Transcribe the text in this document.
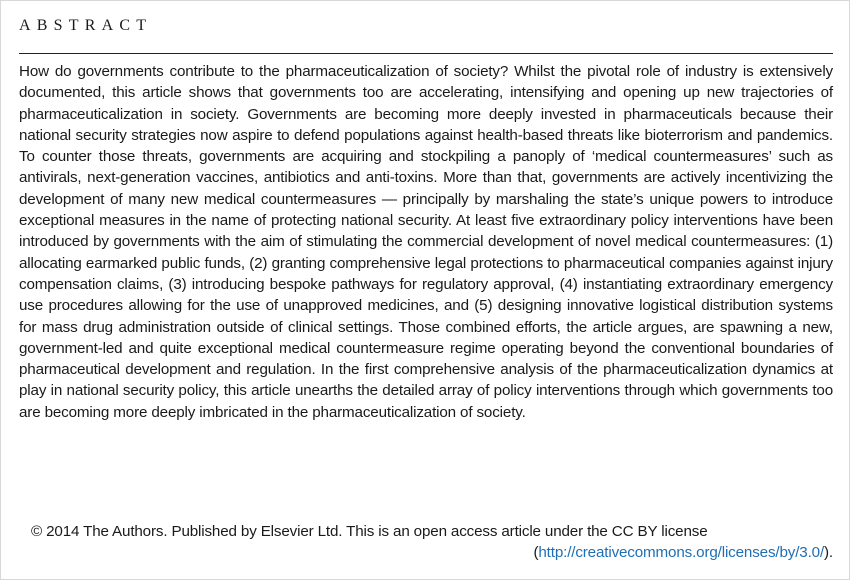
ABSTRACT

How do governments contribute to the pharmaceuticalization of society? Whilst the pivotal role of industry is extensively documented, this article shows that governments too are accelerating, intensifying and opening up new trajectories of pharmaceuticalization in society. Governments are becoming more deeply invested in pharmaceuticals because their national security strategies now aspire to defend populations against health-based threats like bioterrorism and pandemics. To counter those threats, governments are acquiring and stockpiling a panoply of ‘medical countermeasures’ such as antivirals, next-generation vaccines, antibiotics and anti-toxins. More than that, governments are actively incentivizing the development of many new medical countermeasures — principally by marshaling the state’s unique powers to introduce exceptional measures in the name of protecting national security. At least five extraordinary policy interventions have been introduced by governments with the aim of stimulating the commercial development of novel medical countermeasures: (1) allocating earmarked public funds, (2) granting comprehensive legal protections to pharmaceutical companies against injury compensation claims, (3) introducing bespoke pathways for regulatory approval, (4) instantiating extraordinary emergency use procedures allowing for the use of unapproved medicines, and (5) designing innovative logistical distribution systems for mass drug administration outside of clinical settings. Those combined efforts, the article argues, are spawning a new, government-led and quite exceptional medical countermeasure regime operating beyond the conventional boundaries of pharmaceutical development and regulation. In the first comprehensive analysis of the pharmaceuticalization dynamics at play in national security policy, this article unearths the detailed array of policy interventions through which governments too are becoming more deeply imbricated in the pharmaceuticalization of society.

© 2014 The Authors. Published by Elsevier Ltd. This is an open access article under the CC BY license
(http://creativecommons.org/licenses/by/3.0/).
